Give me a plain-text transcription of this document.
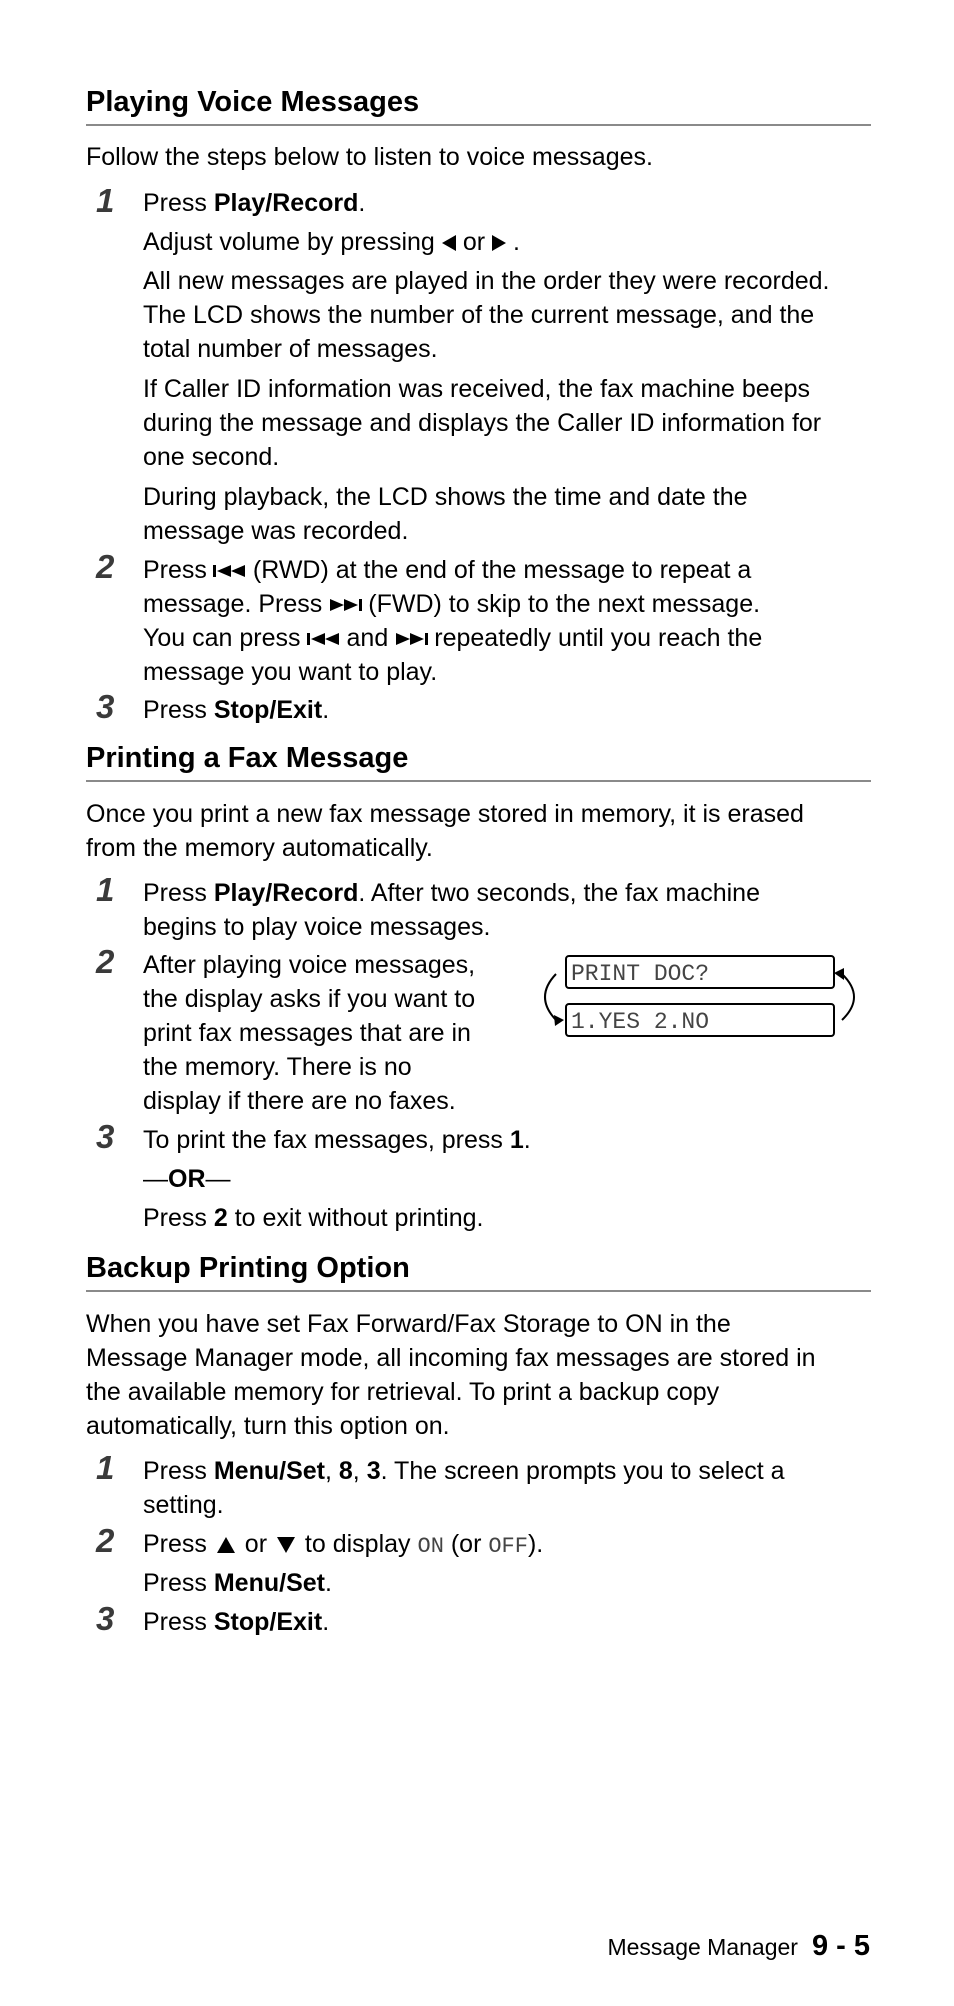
Playing Voice Messages
Follow the steps below to listen to voice messages.
1 Press Play/Record.
Adjust volume by pressing or .
All new messages are played in the order they were recorded.
The LCD shows the number of the current message, and the
total number of messages.
If Caller ID information was received, the fax machine beeps
during the message and displays the Caller ID information for
one second.
During playback, the LCD shows the time and date the
message was recorded.
2 Press (RWD) at the end of the message to repeat a
message. Press (FWD) to skip to the next message.
You can press and repeatedly until you reach the
message you want to play.
3 Press Stop/Exit.
Printing a Fax Message
Once you print a new fax message stored in memory, it is erased
from the memory automatically.
1 Press Play/Record. After two seconds, the fax machine
begins to play voice messages.
2 After playing voice messages,
the display asks if you want to
print fax messages that are in
the memory. There is no
display if there are no faxes.
PRINT DOC?
1.YES 2.NO
3 To print the fax messages, press 1.
—OR—
Press 2 to exit without printing.
Backup Printing Option
When you have set Fax Forward/Fax Storage to ON in the
Message Manager mode, all incoming fax messages are stored in
the available memory for retrieval. To print a backup copy
automatically, turn this option on.
1 Press Menu/Set, 8, 3. The screen prompts you to select a
setting.
2 Press  or  to display ON (or OFF).
Press Menu/Set.
3 Press Stop/Exit.
Message Manager 9 - 5
